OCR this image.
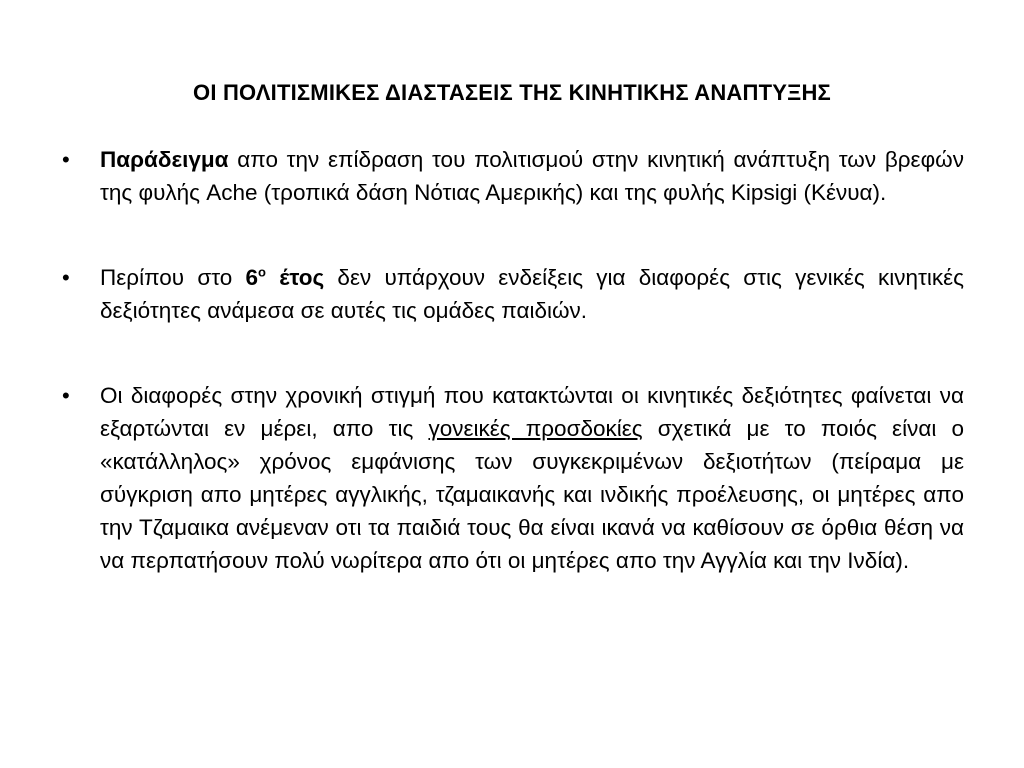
ΟΙ ΠΟΛΙΤΙΣΜΙΚΕΣ ΔΙΑΣΤΑΣΕΙΣ ΤΗΣ ΚΙΝΗΤΙΚΗΣ ΑΝΑΠΤΥΞΗΣ
•	Παράδειγμα απο την επίδραση του πολιτισμού στην κινητική ανάπτυξη των βρεφών της φυλής Ache (τροπικά δάση Νότιας Αμερικής) και της φυλής Kipsigi (Κένυα).
•	Περίπου στο $6^o$ έτος δεν υπάρχουν ενδείξεις για διαφορές στις γενικές κινητικές δεξιότητες ανάμεσα σε αυτές τις ομάδες παιδιών.
•	Οι διαφορές στην χρονική στιγμή που κατακτώνται οι κινητικές δεξιότητες φαίνεται να εξαρτώνται εν μέρει, απο τις γονεικές προσδοκίες σχετικά με το ποιός είναι ο «κατάλληλος» χρόνος εμφάνισης των συγκεκριμένων δεξιοτήτων (πείραμα με σύγκριση απο μητέρες αγγλικής, τζαμαικανής και ινδικής προέλευσης, οι μητέρες απο την Τζαμαικα ανέμεναν οτι τα παιδιά τους θα είναι ικανά να καθίσουν σε όρθια θέση να να περπατήσουν πολύ νωρίτερα απο ότι οι μητέρες απο την Αγγλία και την Ινδία).
